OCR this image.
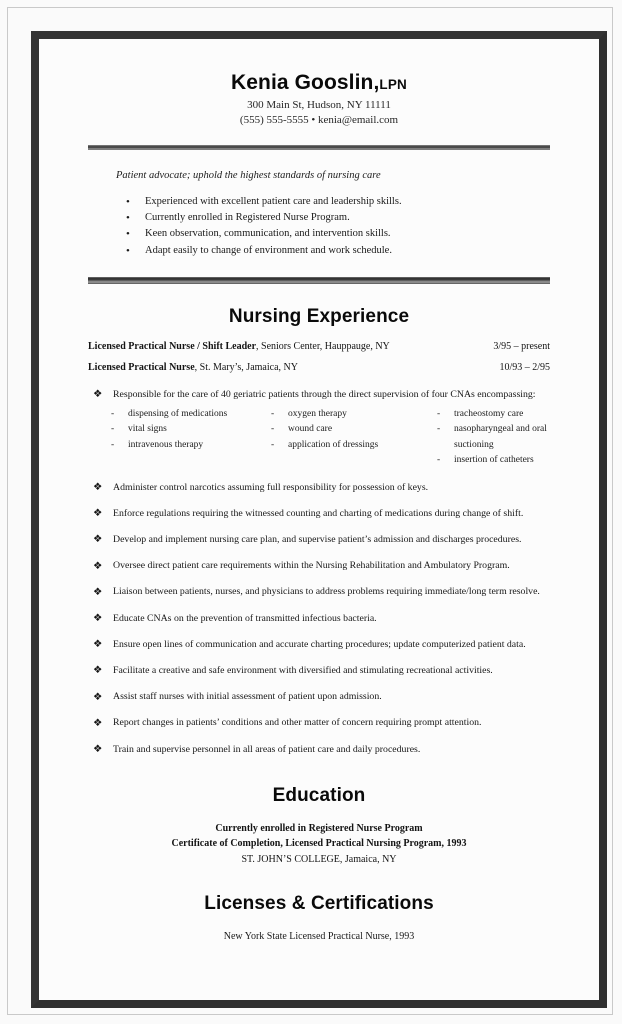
Kenia Gooslin,LPN
300 Main St, Hudson, NY 11111
(555) 555-5555 • kenia@email.com
Patient advocate; uphold the highest standards of nursing care
• Experienced with excellent patient care and leadership skills.
• Currently enrolled in Registered Nurse Program.
• Keen observation, communication, and intervention skills.
• Adapt easily to change of environment and work schedule.
Nursing Experience
Licensed Practical Nurse / Shift Leader, Seniors Center, Hauppauge, NY	3/95 – present
Licensed Practical Nurse, St. Mary’s, Jamaica, NY	10/93 – 2/95
❖ Responsible for the care of 40 geriatric patients through the direct supervision of four CNAs encompassing:
- dispensing of medications
- vital signs
- intravenous therapy
- oxygen therapy
- wound care
- application of dressings
- tracheostomy care
- nasopharyngeal and oral suctioning
- insertion of catheters
❖ Administer control narcotics assuming full responsibility for possession of keys.
❖ Enforce regulations requiring the witnessed counting and charting of medications during change of shift.
❖ Develop and implement nursing care plan, and supervise patient’s admission and discharges procedures.
❖ Oversee direct patient care requirements within the Nursing Rehabilitation and Ambulatory Program.
❖ Liaison between patients, nurses, and physicians to address problems requiring immediate/long term resolve.
❖ Educate CNAs on the prevention of transmitted infectious bacteria.
❖ Ensure open lines of communication and accurate charting procedures; update computerized patient data.
❖ Facilitate a creative and safe environment with diversified and stimulating recreational activities.
❖ Assist staff nurses with initial assessment of patient upon admission.
❖ Report changes in patients’ conditions and other matter of concern requiring prompt attention.
❖ Train and supervise personnel in all areas of patient care and daily procedures.
Education
Currently enrolled in Registered Nurse Program
Certificate of Completion, Licensed Practical Nursing Program, 1993
ST. JOHN’S COLLEGE, Jamaica, NY
Licenses & Certifications
New York State Licensed Practical Nurse, 1993
